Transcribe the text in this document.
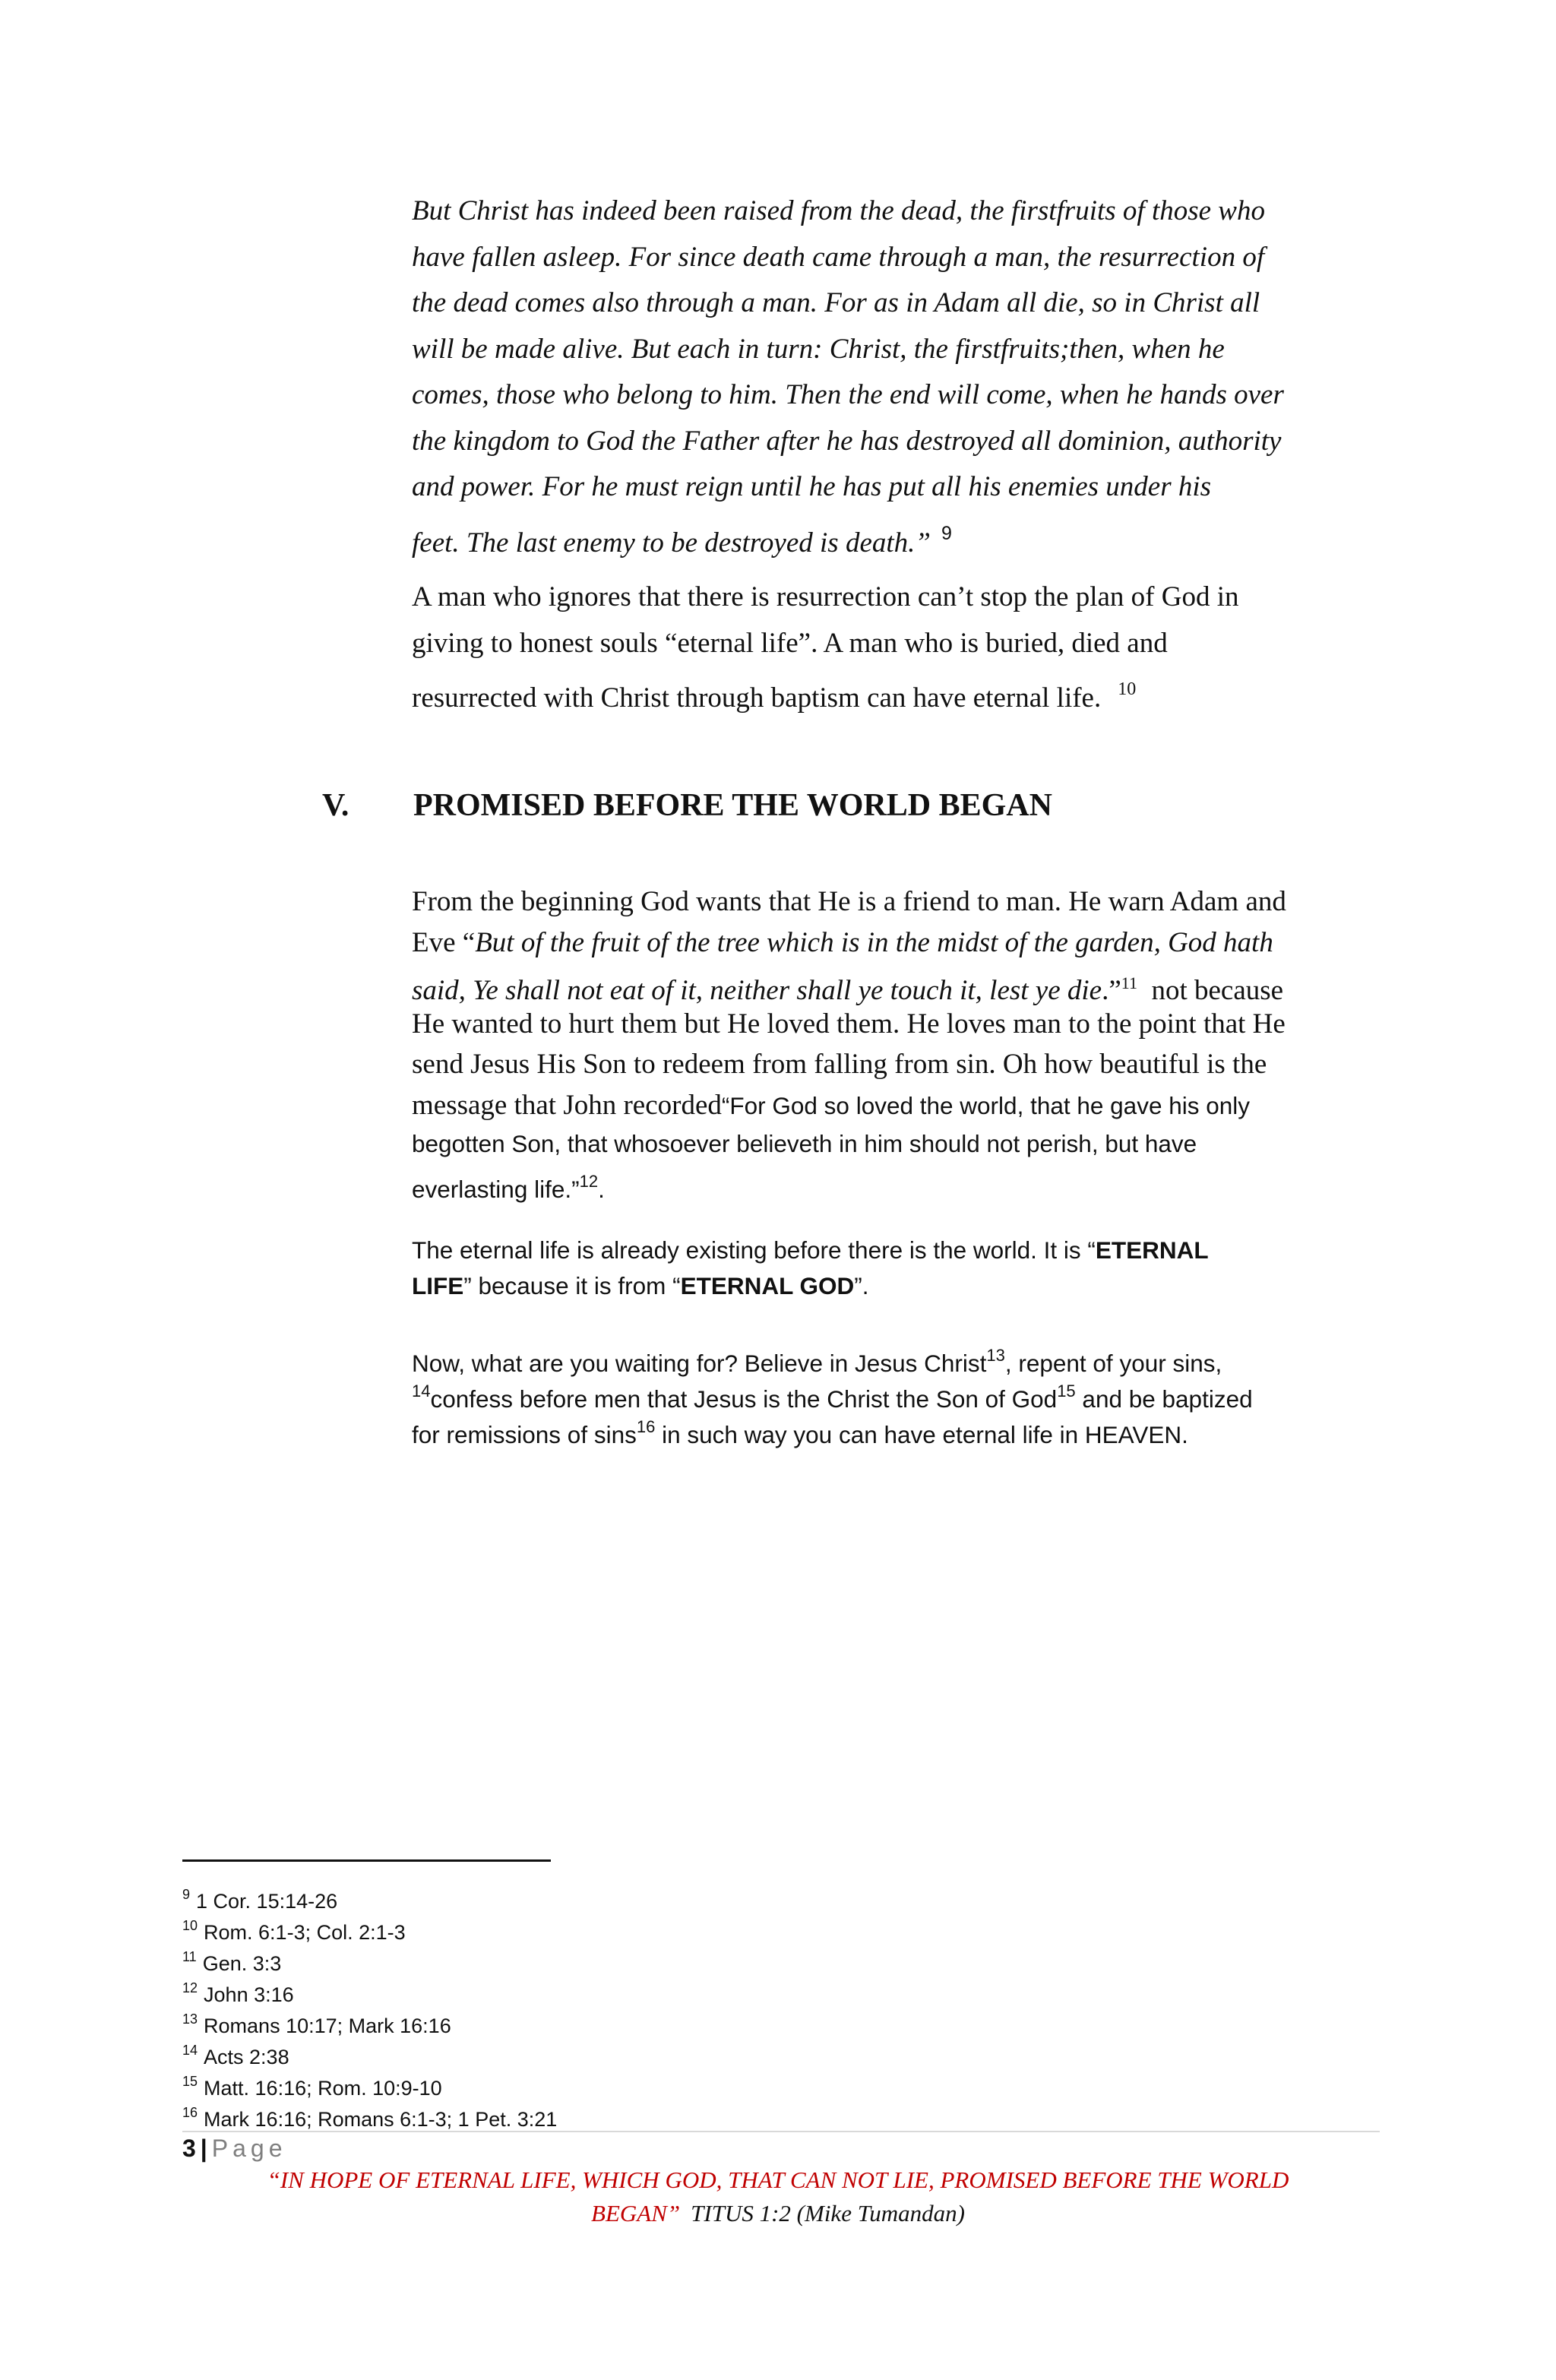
But Christ has indeed been raised from the dead, the firstfruits of those who
have fallen asleep. For since death came through a man, the resurrection of
the dead comes also through a man. For as in Adam all die, so in Christ all
will be made alive. But each in turn: Christ, the firstfruits;then, when he
comes, those who belong to him. Then the end will come, when he hands over
the kingdom to God the Father after he has destroyed all dominion, authority
and power. For he must reign until he has put all his enemies under his
feet. The last enemy to be destroyed is death.” $^9$
A man who ignores that there is resurrection can’t stop the plan of God in
giving to honest souls “eternal life”. A man who is buried, died and
resurrected with Christ through baptism can have eternal life. $^{10}$
V. PROMISED BEFORE THE WORLD BEGAN
From the beginning God wants that He is a friend to man. He warn Adam and
Eve “But of the fruit of the tree which is in the midst of the garden, God hath
said, Ye shall not eat of it, neither shall ye touch it, lest ye die.”$^{11}$  not because
He wanted to hurt them but He loved them. He loves man to the point that He
send Jesus His Son to redeem from falling from sin. Oh how beautiful is the
message that John recorded“For God so loved the world, that he gave his only
begotten Son, that whosoever believeth in him should not perish, but have
everlasting life.”$^{12}$.
The eternal life is already existing before there is the world. It is “ETERNAL
LIFE” because it is from “ETERNAL GOD”.
Now, what are you waiting for? Believe in Jesus Christ$^{13}$, repent of your sins,
$^{14}$confess before men that Jesus is the Christ the Son of God$^{15}$ and be baptized
for remissions of sins$^{16}$ in such way you can have eternal life in HEAVEN.
$^9$ 1 Cor. 15:14-26
$^{10}$ Rom. 6:1-3; Col. 2:1-3
$^{11}$ Gen. 3:3
$^{12}$ John 3:16
$^{13}$ Romans 10:17; Mark 16:16
$^{14}$ Acts 2:38
$^{15}$ Matt. 16:16; Rom. 10:9-10
$^{16}$ Mark 16:16; Romans 6:1-3; 1 Pet. 3:21
3 | Page
“IN HOPE OF ETERNAL LIFE, WHICH GOD, THAT CAN NOT LIE, PROMISED BEFORE THE WORLD
BEGAN” TITUS 1:2 (Mike Tumandan)
